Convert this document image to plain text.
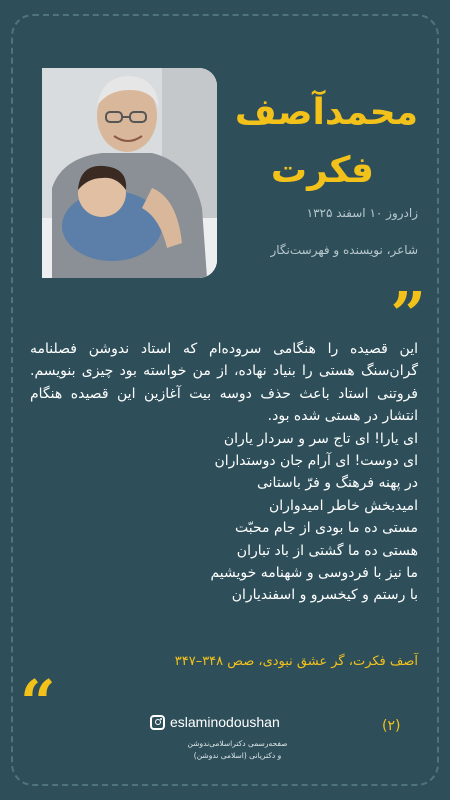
محمدآصف
فکرت
زادروز ۱۰ اسفند ۱۳۲۵
شاعر، نویسنده و فهرست‌نگار
”
این قصیده را هنگامی سروده‌ام که استاد ندوشن فصلنامه گران‌سنگ هستی را بنیاد نهاده، از من خواسته بود چیزی بنویسم. فروتنی استاد باعث حذف دوسه بیت آغازین این قصیده هنگام انتشار در هستی شده بود.
ای یارا! ای تاج سر و سردار یاران
ای دوست! ای آرام جان دوستداران
در پهنه فرهنگ و فرّ باستانی
امیدبخش خاطر امیدواران
مستی ده ما بودی از جام محبّت
هستی ده ما گشتی از باد تباران
ما نیز با فردوسی و شهنامه خویشیم
با رستم و کیخسرو و اسفندیاران
آصف فکرت، گر عشق نبودی، صص ۳۴۸–۳۴۷
“	eslaminodoushan
صفحه‌رسمی دکتراسلامی‌ندوشن
و دکتر‌یانی (اسلامی ندوشن)
(۲)
